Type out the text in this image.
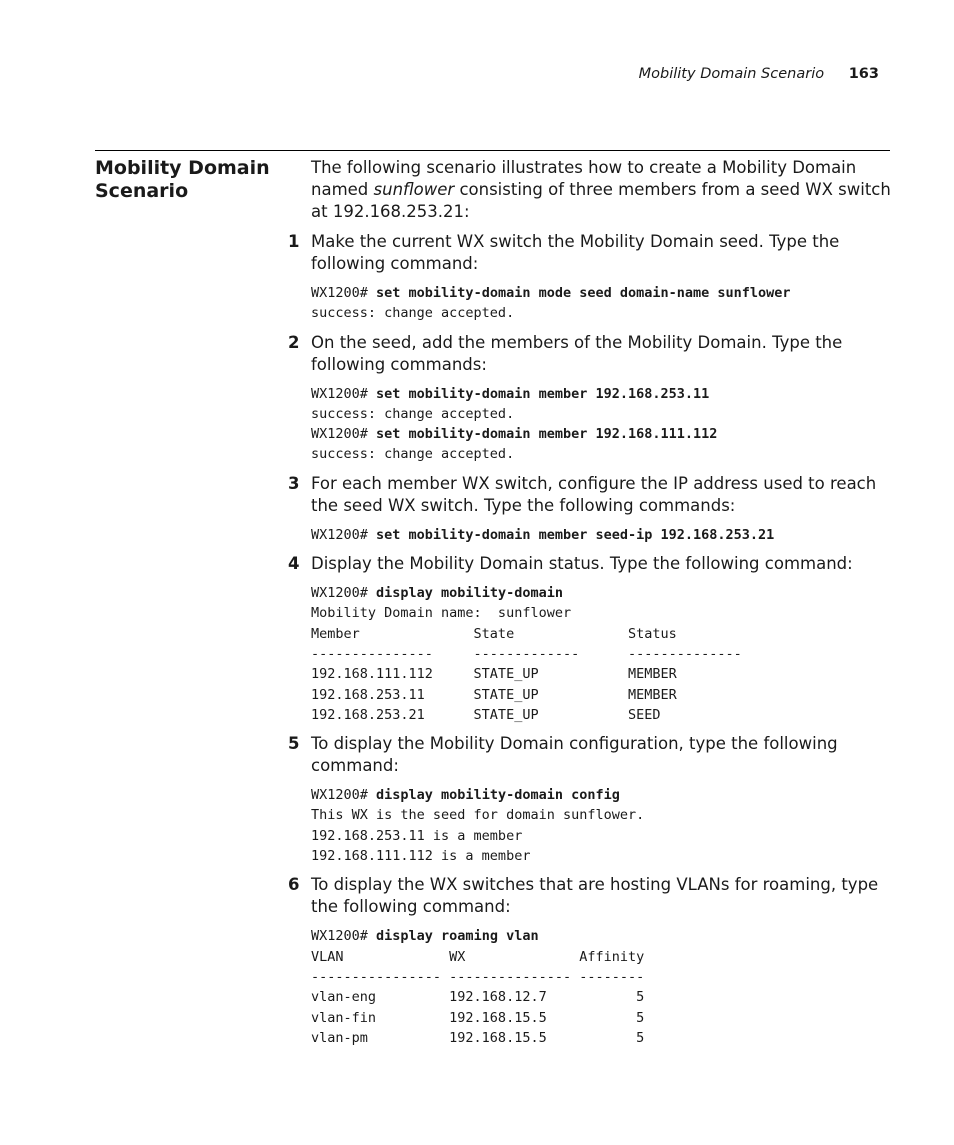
Mobility Domain Scenario 163
Mobility Domain Scenario

The following scenario illustrates how to create a Mobility Domain named sunflower consisting of three members from a seed WX switch at 192.168.253.21:

1 Make the current WX switch the Mobility Domain seed. Type the following command:

WX1200# set mobility-domain mode seed domain-name sunflower
success: change accepted.
2 On the seed, add the members of the Mobility Domain. Type the following commands:

WX1200# set mobility-domain member 192.168.253.11
success: change accepted.
WX1200# set mobility-domain member 192.168.111.112
success: change accepted.
3 For each member WX switch, configure the IP address used to reach the seed WX switch. Type the following commands:

WX1200# set mobility-domain member seed-ip 192.168.253.21
4 Display the Mobility Domain status. Type the following command:

WX1200# display mobility-domain
Mobility Domain name:  sunflower
Member              State              Status
---------------     -------------      --------------
192.168.111.112     STATE_UP           MEMBER
192.168.253.11      STATE_UP           MEMBER
192.168.253.21      STATE_UP           SEED
5 To display the Mobility Domain configuration, type the following command:

WX1200# display mobility-domain config
This WX is the seed for domain sunflower.
192.168.253.11 is a member
192.168.111.112 is a member
6 To display the WX switches that are hosting VLANs for roaming, type the following command:

WX1200# display roaming vlan
VLAN             WX              Affinity
---------------- --------------- --------
vlan-eng         192.168.12.7           5
vlan-fin         192.168.15.5           5
vlan-pm          192.168.15.5           5
